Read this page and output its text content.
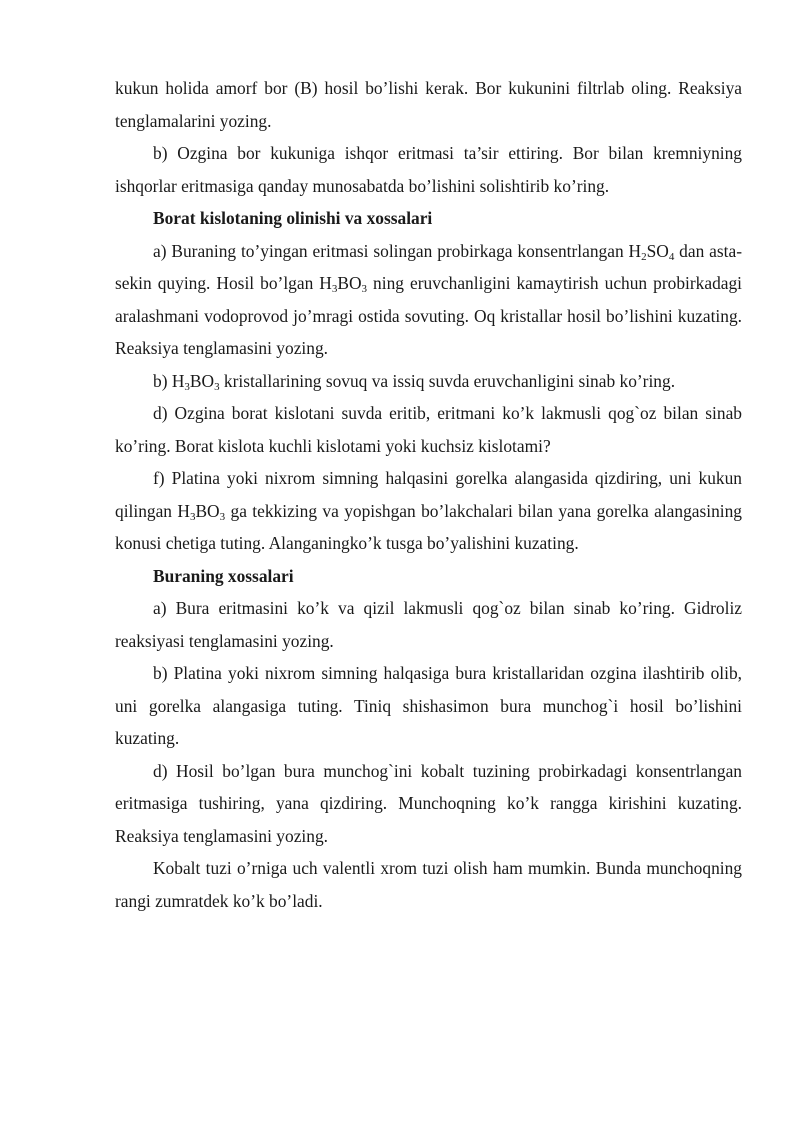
kukun holida amorf bor (B) hosil bo’lishi kerak. Bor kukunini filtrlab oling. Reaksiya tenglamalarini yozing.

b) Ozgina bor kukuniga ishqor eritmasi ta’sir ettiring. Bor bilan kremniyning ishqorlar eritmasiga qanday munosabatda bo’lishini solishtirib ko’ring.

Borat kislotaning olinishi va xossalari

a) Buraning to’yingan eritmasi solingan probirkaga konsentrlangan $H_2SO_4$ dan asta-sekin quying. Hosil bo’lgan $H_3BO_3$ ning eruvchanligini kamaytirish uchun probirkadagi aralashmani vodoprovod jo’mragi ostida sovuting. Oq kristallar hosil bo’lishini kuzating. Reaksiya tenglamasini yozing.

b) $H_3BO_3$ kristallarining sovuq va issiq suvda eruvchanligini sinab ko’ring.

d) Ozgina borat kislotani suvda eritib, eritmani ko’k lakmusli qog`oz bilan sinab ko’ring. Borat kislota kuchli kislotami yoki kuchsiz kislotami?

f) Platina yoki nixrom simning halqasini gorelka alangasida qizdiring, uni kukun qilingan $H_3BO_3$ ga tekkizing va yopishgan bo’lakchalari bilan yana gorelka alangasining konusi chetiga tuting. Alanganingko’k tusga bo’yalishini kuzating.

Buraning xossalari

a) Bura eritmasini ko’k va qizil lakmusli qog`oz bilan sinab ko’ring. Gidroliz reaksiyasi tenglamasini yozing.

b) Platina yoki nixrom simning halqasiga bura kristallaridan ozgina ilashtirib olib, uni gorelka alangasiga tuting. Tiniq shishasimon bura munchog`i hosil bo’lishini kuzating.

d) Hosil bo’lgan bura munchog`ini kobalt tuzining probirkadagi konsentrlangan eritmasiga tushiring, yana qizdiring. Munchoqning ko’k rangga kirishini kuzating. Reaksiya tenglamasini yozing.

Kobalt tuzi o’rniga uch valentli xrom tuzi olish ham mumkin. Bunda munchoqning rangi zumratdek ko’k bo’ladi.
